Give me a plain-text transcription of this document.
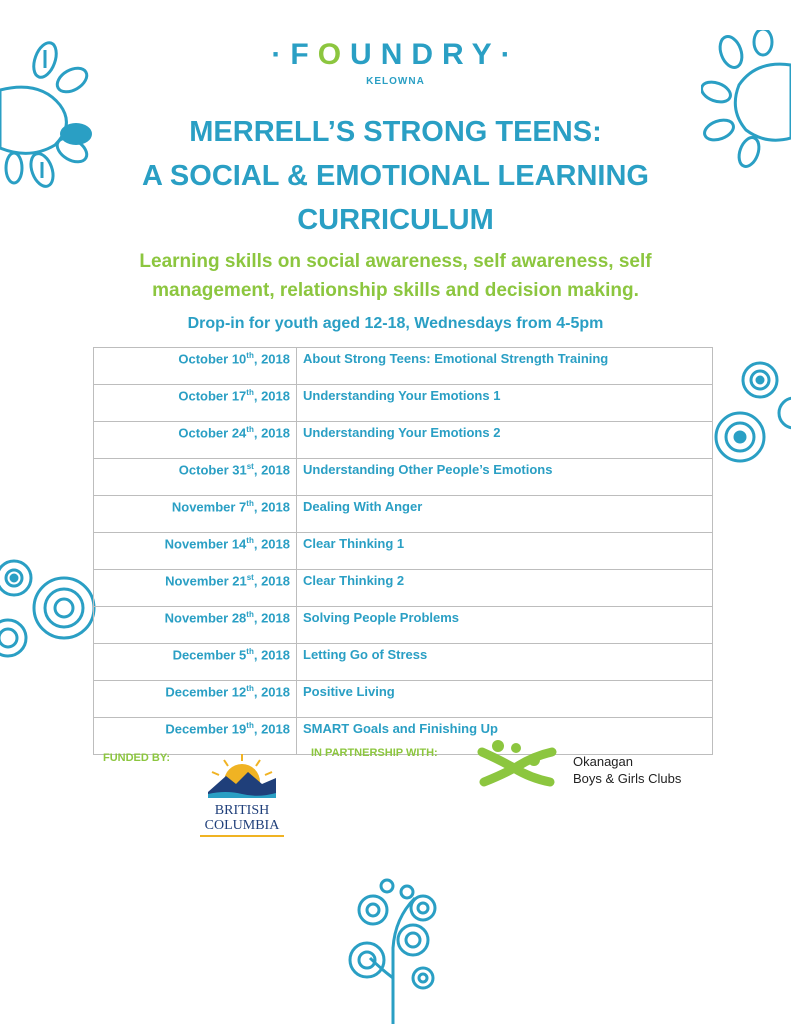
·FOUNDRY·
KELOWNA
MERRELL’S STRONG TEENS:
A SOCIAL & EMOTIONAL LEARNING
CURRICULUM
Learning skills on social awareness, self awareness, self
management, relationship skills and decision making.
Drop-in for youth aged 12-18, Wednesdays from 4-5pm
October 10th, 2018	About Strong Teens: Emotional Strength Training
October 17th, 2018	Understanding Your Emotions 1
October 24th, 2018	Understanding Your Emotions 2
October 31st, 2018	Understanding Other People’s Emotions
November 7th, 2018	Dealing With Anger
November 14th, 2018	Clear Thinking 1
November 21st, 2018	Clear Thinking 2
November 28th, 2018	Solving People Problems
December 5th, 2018	Letting Go of Stress
December 12th, 2018	Positive Living
December 19th, 2018	SMART Goals and Finishing Up
FUNDED BY:
BRITISH
COLUMBIA
IN PARTNERSHIP WITH:
Okanagan
Boys & Girls Clubs
